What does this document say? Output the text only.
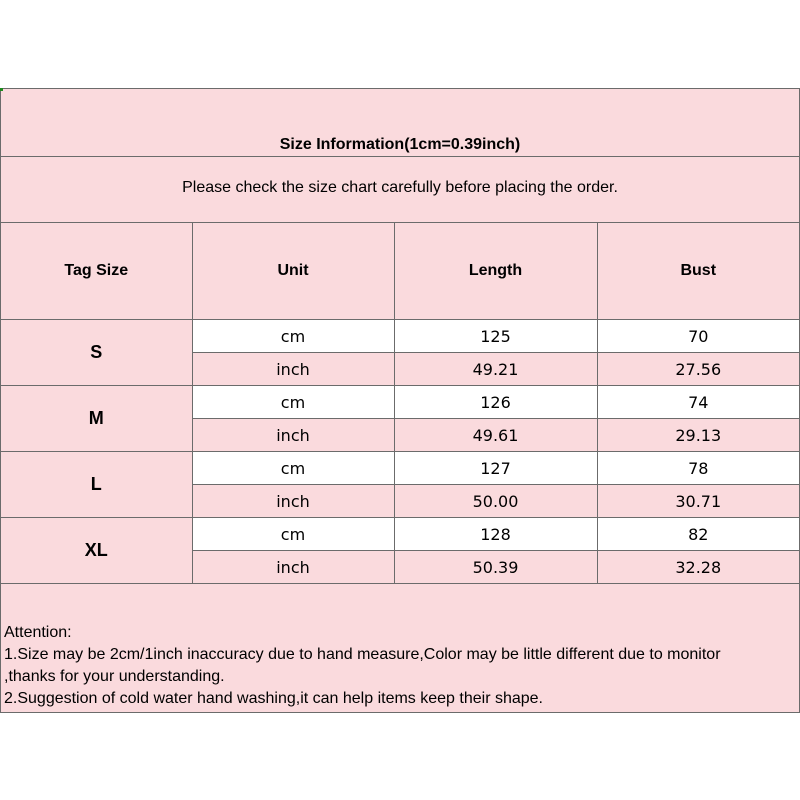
Size Information(1cm=0.39inch)
Please check the size chart carefully before placing the order.
Tag Size	Unit	Length	Bust
S	cm	125	70
	inch	49.21	27.56
M	cm	126	74
	inch	49.61	29.13
L	cm	127	78
	inch	50.00	30.71
XL	cm	128	82
	inch	50.39	32.28
Attention:
1.Size may be 2cm/1inch inaccuracy due to hand measure,Color may be little different due to monitor
,thanks for your understanding.
2.Suggestion of cold water hand washing,it can help items keep their shape.
